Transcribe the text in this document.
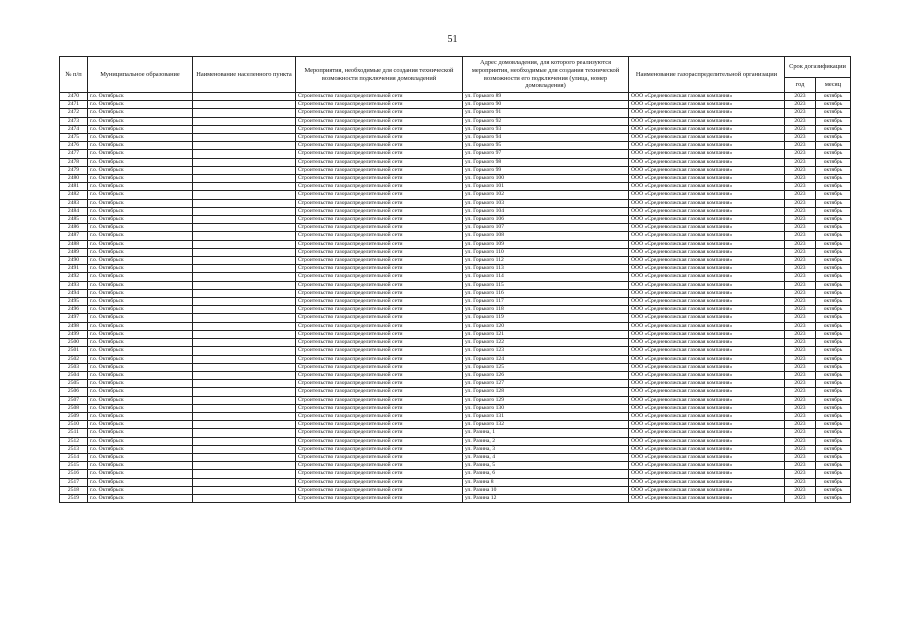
51
№ п/п	Муниципальное образование	Наименование населенного пункта	Мероприятия, необходимые для создания технической возможности подключения домовладений	Адрес домовладения, для которого реализуются мероприятия, необходимые для создания технической возможности его подключения (улица, номер домовладения)	Наименование газораспределительной организации	Срок догазификации	
						год	месяц
2470	г.о. Октябрьск		Строительство газораспределительной сети	ул. Горького 89	ООО «Средневолжская газовая компания»	2023	октябрь
2471	г.о. Октябрьск		Строительство газораспределительной сети	ул. Горького 90	ООО «Средневолжская газовая компания»	2023	октябрь
2472	г.о. Октябрьск		Строительство газораспределительной сети	ул. Горького 91	ООО «Средневолжская газовая компания»	2023	октябрь
2473	г.о. Октябрьск		Строительство газораспределительной сети	ул. Горького 92	ООО «Средневолжская газовая компания»	2023	октябрь
2474	г.о. Октябрьск		Строительство газораспределительной сети	ул. Горького 93	ООО «Средневолжская газовая компания»	2023	октябрь
2475	г.о. Октябрьск		Строительство газораспределительной сети	ул. Горького 94	ООО «Средневолжская газовая компания»	2023	октябрь
2476	г.о. Октябрьск		Строительство газораспределительной сети	ул. Горького 95	ООО «Средневолжская газовая компания»	2023	октябрь
2477	г.о. Октябрьск		Строительство газораспределительной сети	ул. Горького 97	ООО «Средневолжская газовая компания»	2023	октябрь
2478	г.о. Октябрьск		Строительство газораспределительной сети	ул. Горького 98	ООО «Средневолжская газовая компания»	2023	октябрь
2479	г.о. Октябрьск		Строительство газораспределительной сети	ул. Горького 99	ООО «Средневолжская газовая компания»	2023	октябрь
2480	г.о. Октябрьск		Строительство газораспределительной сети	ул. Горького 100	ООО «Средневолжская газовая компания»	2023	октябрь
2481	г.о. Октябрьск		Строительство газораспределительной сети	ул. Горького 101	ООО «Средневолжская газовая компания»	2023	октябрь
2482	г.о. Октябрьск		Строительство газораспределительной сети	ул. Горького 102	ООО «Средневолжская газовая компания»	2023	октябрь
2483	г.о. Октябрьск		Строительство газораспределительной сети	ул. Горького 103	ООО «Средневолжская газовая компания»	2023	октябрь
2484	г.о. Октябрьск		Строительство газораспределительной сети	ул. Горького 104	ООО «Средневолжская газовая компания»	2023	октябрь
2485	г.о. Октябрьск		Строительство газораспределительной сети	ул. Горького 106	ООО «Средневолжская газовая компания»	2023	октябрь
2486	г.о. Октябрьск		Строительство газораспределительной сети	ул. Горького 107	ООО «Средневолжская газовая компания»	2023	октябрь
2487	г.о. Октябрьск		Строительство газораспределительной сети	ул. Горького 108	ООО «Средневолжская газовая компания»	2023	октябрь
2488	г.о. Октябрьск		Строительство газораспределительной сети	ул. Горького 109	ООО «Средневолжская газовая компания»	2023	октябрь
2489	г.о. Октябрьск		Строительство газораспределительной сети	ул. Горького 110	ООО «Средневолжская газовая компания»	2023	октябрь
2490	г.о. Октябрьск		Строительство газораспределительной сети	ул. Горького 112	ООО «Средневолжская газовая компания»	2023	октябрь
2491	г.о. Октябрьск		Строительство газораспределительной сети	ул. Горького 113	ООО «Средневолжская газовая компания»	2023	октябрь
2492	г.о. Октябрьск		Строительство газораспределительной сети	ул. Горького 114	ООО «Средневолжская газовая компания»	2023	октябрь
2493	г.о. Октябрьск		Строительство газораспределительной сети	ул. Горького 115	ООО «Средневолжская газовая компания»	2023	октябрь
2494	г.о. Октябрьск		Строительство газораспределительной сети	ул. Горького 116	ООО «Средневолжская газовая компания»	2023	октябрь
2495	г.о. Октябрьск		Строительство газораспределительной сети	ул. Горького 117	ООО «Средневолжская газовая компания»	2023	октябрь
2496	г.о. Октябрьск		Строительство газораспределительной сети	ул. Горького 118	ООО «Средневолжская газовая компания»	2023	октябрь
2497	г.о. Октябрьск		Строительство газораспределительной сети	ул. Горького 119	ООО «Средневолжская газовая компания»	2023	октябрь
2498	г.о. Октябрьск		Строительство газораспределительной сети	ул. Горького 120	ООО «Средневолжская газовая компания»	2023	октябрь
2499	г.о. Октябрьск		Строительство газораспределительной сети	ул. Горького 121	ООО «Средневолжская газовая компания»	2023	октябрь
2500	г.о. Октябрьск		Строительство газораспределительной сети	ул. Горького 122	ООО «Средневолжская газовая компания»	2023	октябрь
2501	г.о. Октябрьск		Строительство газораспределительной сети	ул. Горького 123	ООО «Средневолжская газовая компания»	2023	октябрь
2502	г.о. Октябрьск		Строительство газораспределительной сети	ул. Горького 124	ООО «Средневолжская газовая компания»	2023	октябрь
2503	г.о. Октябрьск		Строительство газораспределительной сети	ул. Горького 125	ООО «Средневолжская газовая компания»	2023	октябрь
2504	г.о. Октябрьск		Строительство газораспределительной сети	ул. Горького 126	ООО «Средневолжская газовая компания»	2023	октябрь
2505	г.о. Октябрьск		Строительство газораспределительной сети	ул. Горького 127	ООО «Средневолжская газовая компания»	2023	октябрь
2506	г.о. Октябрьск		Строительство газораспределительной сети	ул. Горького 128	ООО «Средневолжская газовая компания»	2023	октябрь
2507	г.о. Октябрьск		Строительство газораспределительной сети	ул. Горького 129	ООО «Средневолжская газовая компания»	2023	октябрь
2508	г.о. Октябрьск		Строительство газораспределительной сети	ул. Горького 130	ООО «Средневолжская газовая компания»	2023	октябрь
2509	г.о. Октябрьск		Строительство газораспределительной сети	ул. Горького 131	ООО «Средневолжская газовая компания»	2023	октябрь
2510	г.о. Октябрьск		Строительство газораспределительной сети	ул. Горького 132	ООО «Средневолжская газовая компания»	2023	октябрь
2511	г.о. Октябрьск		Строительство газораспределительной сети	ул. Разина, 1	ООО «Средневолжская газовая компания»	2023	октябрь
2512	г.о. Октябрьск		Строительство газораспределительной сети	ул. Разина, 2	ООО «Средневолжская газовая компания»	2023	октябрь
2513	г.о. Октябрьск		Строительство газораспределительной сети	ул. Разина, 3	ООО «Средневолжская газовая компания»	2023	октябрь
2514	г.о. Октябрьск		Строительство газораспределительной сети	ул. Разина, 4	ООО «Средневолжская газовая компания»	2023	октябрь
2515	г.о. Октябрьск		Строительство газораспределительной сети	ул. Разина, 5	ООО «Средневолжская газовая компания»	2023	октябрь
2516	г.о. Октябрьск		Строительство газораспределительной сети	ул. Разина, 6	ООО «Средневолжская газовая компания»	2023	октябрь
2517	г.о. Октябрьск		Строительство газораспределительной сети	ул. Разина 8	ООО «Средневолжская газовая компания»	2023	октябрь
2518	г.о. Октябрьск		Строительство газораспределительной сети	ул. Разина 10	ООО «Средневолжская газовая компания»	2023	октябрь
2519	г.о. Октябрьск		Строительство газораспределительной сети	ул. Разина 12	ООО «Средневолжская газовая компания»	2023	октябрь
